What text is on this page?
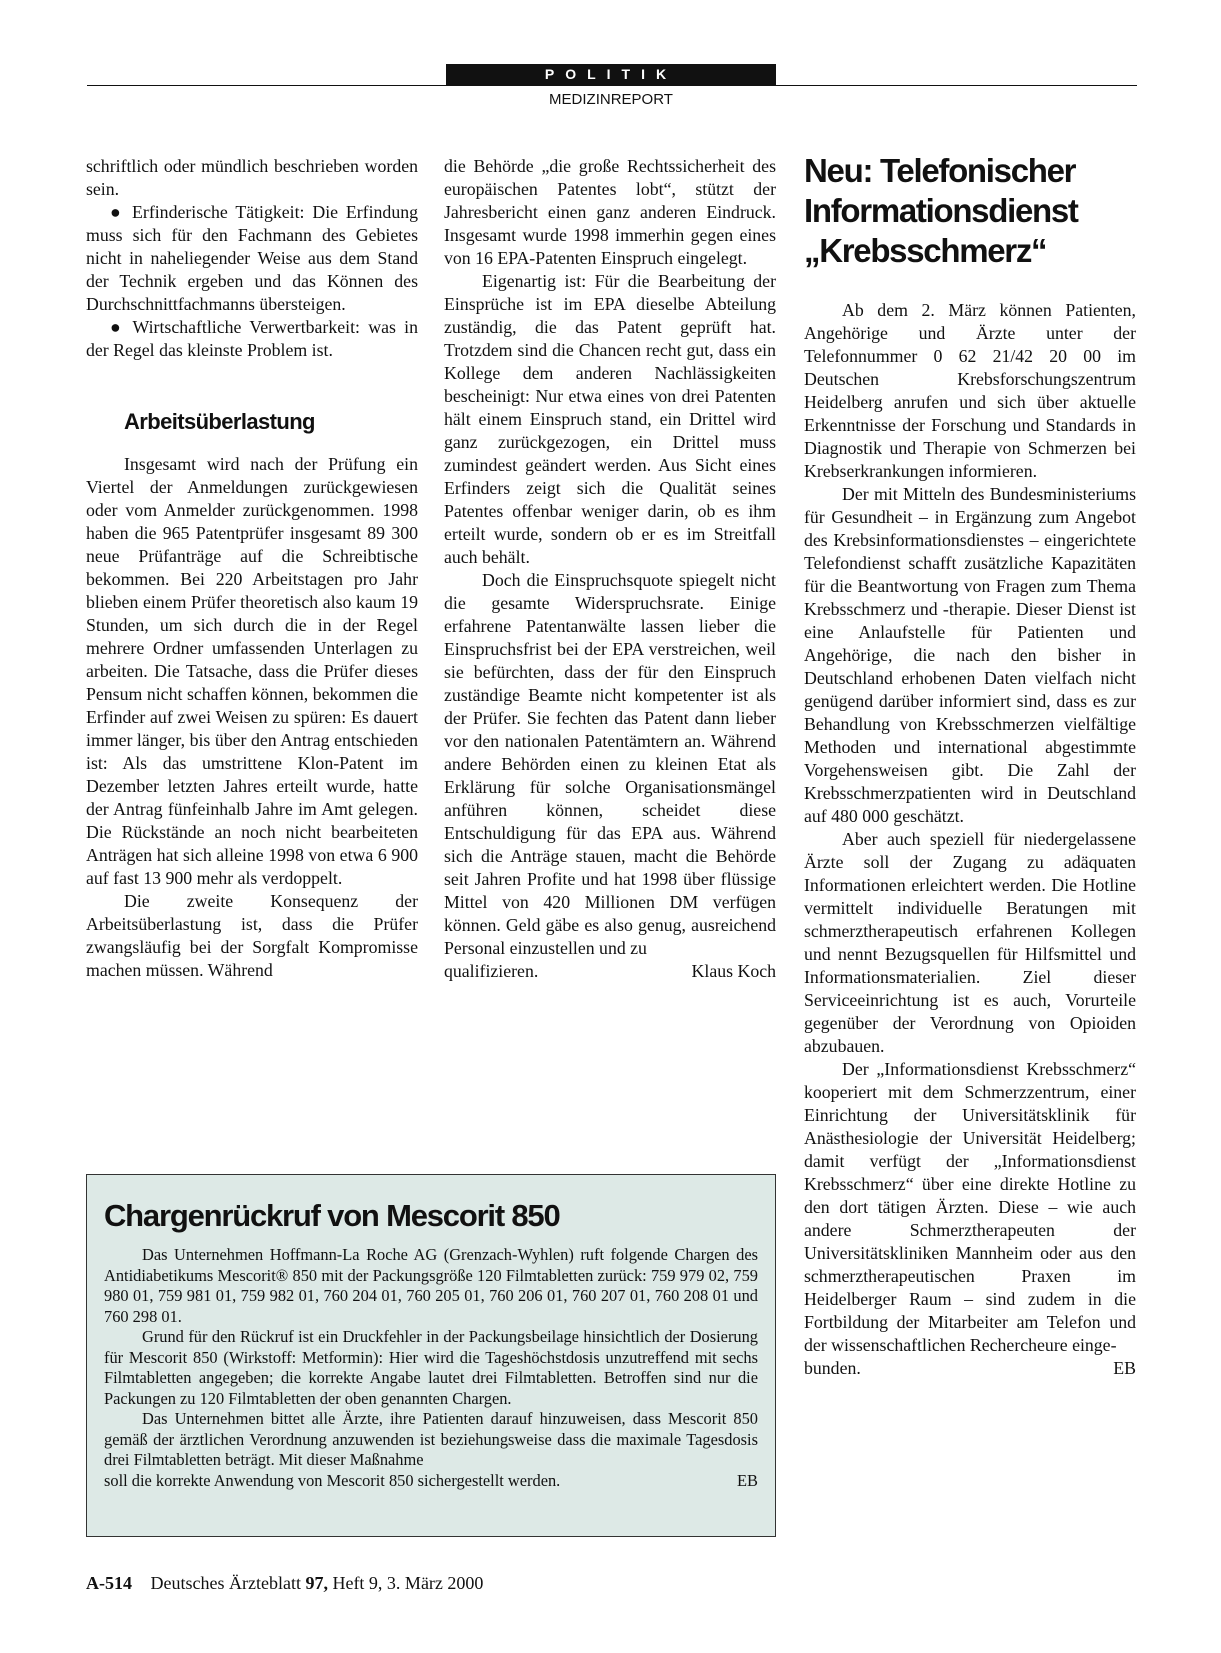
POLITIK
MEDIZINREPORT

schriftlich oder mündlich beschrieben worden sein.

● Erfinderische Tätigkeit: Die Erfindung muss sich für den Fachmann des Gebietes nicht in naheliegender Weise aus dem Stand der Technik ergeben und das Können des Durchschnittfachmanns übersteigen.

● Wirtschaftliche Verwertbarkeit: was in der Regel das kleinste Problem ist.

Arbeitsüberlastung

Insgesamt wird nach der Prüfung ein Viertel der Anmeldungen zurückgewiesen oder vom Anmelder zurückgenommen. 1998 haben die 965 Patentprüfer insgesamt 89 300 neue Prüfanträge auf die Schreibtische bekommen. Bei 220 Arbeitstagen pro Jahr blieben einem Prüfer theoretisch also kaum 19 Stunden, um sich durch die in der Regel mehrere Ordner umfassenden Unterlagen zu arbeiten. Die Tatsache, dass die Prüfer dieses Pensum nicht schaffen können, bekommen die Erfinder auf zwei Weisen zu spüren: Es dauert immer länger, bis über den Antrag entschieden ist: Als das umstrittene Klon-Patent im Dezember letzten Jahres erteilt wurde, hatte der Antrag fünfeinhalb Jahre im Amt gelegen. Die Rückstände an noch nicht bearbeiteten Anträgen hat sich alleine 1998 von etwa 6 900 auf fast 13 900 mehr als verdoppelt.

Die zweite Konsequenz der Arbeitsüberlastung ist, dass die Prüfer zwangsläufig bei der Sorgfalt Kompromisse machen müssen. Während

die Behörde „die große Rechtssicherheit des europäischen Patentes lobt“, stützt der Jahresbericht einen ganz anderen Eindruck. Insgesamt wurde 1998 immerhin gegen eines von 16 EPA-Patenten Einspruch eingelegt.

Eigenartig ist: Für die Bearbeitung der Einsprüche ist im EPA dieselbe Abteilung zuständig, die das Patent geprüft hat. Trotzdem sind die Chancen recht gut, dass ein Kollege dem anderen Nachlässigkeiten bescheinigt: Nur etwa eines von drei Patenten hält einem Einspruch stand, ein Drittel wird ganz zurückgezogen, ein Drittel muss zumindest geändert werden. Aus Sicht eines Erfinders zeigt sich die Qualität seines Patentes offenbar weniger darin, ob es ihm erteilt wurde, sondern ob er es im Streitfall auch behält.

Doch die Einspruchsquote spiegelt nicht die gesamte Widerspruchsrate. Einige erfahrene Patentanwälte lassen lieber die Einspruchsfrist bei der EPA verstreichen, weil sie befürchten, dass der für den Einspruch zuständige Beamte nicht kompetenter ist als der Prüfer. Sie fechten das Patent dann lieber vor den nationalen Patentämtern an. Während andere Behörden einen zu kleinen Etat als Erklärung für solche Organisationsmängel anführen können, scheidet diese Entschuldigung für das EPA aus. Während sich die Anträge stauen, macht die Behörde seit Jahren Profite und hat 1998 über flüssige Mittel von 420 Millionen DM verfügen können. Geld gäbe es also genug, ausreichend Personal einzustellen und zu

qualifizieren.	Klaus Koch

Neu: Telefonischer Informationsdienst „Krebsschmerz“

Ab dem 2. März können Patienten, Angehörige und Ärzte unter der Telefonnummer 0 62 21/42 20 00 im Deutschen Krebsforschungszentrum Heidelberg anrufen und sich über aktuelle Erkenntnisse der Forschung und Standards in Diagnostik und Therapie von Schmerzen bei Krebserkrankungen informieren.

Der mit Mitteln des Bundesministeriums für Gesundheit – in Ergänzung zum Angebot des Krebsinformationsdienstes – eingerichtete Telefondienst schafft zusätzliche Kapazitäten für die Beantwortung von Fragen zum Thema Krebsschmerz und -therapie. Dieser Dienst ist eine Anlaufstelle für Patienten und Angehörige, die nach den bisher in Deutschland erhobenen Daten vielfach nicht genügend darüber informiert sind, dass es zur Behandlung von Krebsschmerzen vielfältige Methoden und international abgestimmte Vorgehensweisen gibt. Die Zahl der Krebsschmerzpatienten wird in Deutschland auf 480 000 geschätzt.

Aber auch speziell für niedergelassene Ärzte soll der Zugang zu adäquaten Informationen erleichtert werden. Die Hotline vermittelt individuelle Beratungen mit schmerztherapeutisch erfahrenen Kollegen und nennt Bezugsquellen für Hilfsmittel und Informationsmaterialien. Ziel dieser Serviceeinrichtung ist es auch, Vorurteile gegenüber der Verordnung von Opioiden abzubauen.

Der „Informationsdienst Krebsschmerz“ kooperiert mit dem Schmerzzentrum, einer Einrichtung der Universitätsklinik für Anästhesiologie der Universität Heidelberg; damit verfügt der „Informationsdienst Krebsschmerz“ über eine direkte Hotline zu den dort tätigen Ärzten. Diese – wie auch andere Schmerztherapeuten der Universitätskliniken Mannheim oder aus den schmerztherapeutischen Praxen im Heidelberger Raum – sind zudem in die Fortbildung der Mitarbeiter am Telefon und der wissenschaftlichen Rechercheure einge-

bunden.	EB

Chargenrückruf von Mescorit 850

Das Unternehmen Hoffmann-La Roche AG (Grenzach-Wyhlen) ruft folgende Chargen des Antidiabetikums Mescorit® 850 mit der Packungsgröße 120 Filmtabletten zurück: 759 979 02, 759 980 01, 759 981 01, 759 982 01, 760 204 01, 760 205 01, 760 206 01, 760 207 01, 760 208 01 und 760 298 01.

Grund für den Rückruf ist ein Druckfehler in der Packungsbeilage hinsichtlich der Dosierung für Mescorit 850 (Wirkstoff: Metformin): Hier wird die Tageshöchstdosis unzutreffend mit sechs Filmtabletten angegeben; die korrekte Angabe lautet drei Filmtabletten. Betroffen sind nur die Packungen zu 120 Filmtabletten der oben genannten Chargen.

Das Unternehmen bittet alle Ärzte, ihre Patienten darauf hinzuweisen, dass Mescorit 850 gemäß der ärztlichen Verordnung anzuwenden ist beziehungsweise dass die maximale Tagesdosis drei Filmtabletten beträgt. Mit dieser Maßnahme

soll die korrekte Anwendung von Mescorit 850 sichergestellt werden.	EB

A-514 Deutsches Ärzteblatt 97, Heft 9, 3. März 2000
